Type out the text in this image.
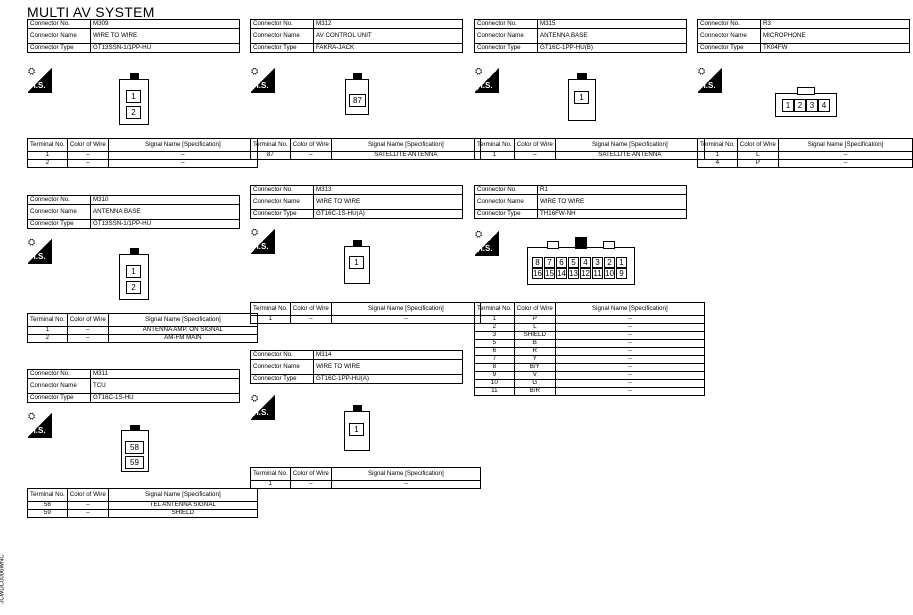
MULTI AV SYSTEM
JCWDC0006WNC
Connector No.	M309
Connector Name	WIRE TO WIRE
Connector Type	GT13SSN-1/1PP-HU
⛭
H.S.
1
2
Terminal No.	Color of Wire	Signal Name [Specification]
1	–	–
2	–	–
Connector No.	M310
Connector Name	ANTENNA BASE
Connector Type	GT13SSN-1/1PP-HU
⛭
H.S.
1
2
Terminal No.	Color of Wire	Signal Name [Specification]
1	–	ANTENNA AMP. ON SIGNAL
2	–	AM-FM MAIN
Connector No.	M311
Connector Name	TCU
Connector Type	GT16C-1S-HU
⛭
H.S.
58
59
Terminal No.	Color of Wire	Signal Name [Specification]
58	–	TEL ANTENNA SIGNAL
59	–	SHIELD
Connector No.	M312
Connector Name	AV CONTROL UNIT
Connector Type	FAKRA-JACK
⛭
H.S.
87
Terminal No.	Color of Wire	Signal Name [Specification]
87	–	SATELLITE ANTENNA
Connector No.	M313
Connector Name	WIRE TO WIRE
Connector Type	GT16C-1S-HU(A)
⛭
H.S.
1
Terminal No.	Color of Wire	Signal Name [Specification]
1	–	–
Connector No.	M314
Connector Name	WIRE TO WIRE
Connector Type	GT16C-1PP-HU(A)
⛭
H.S.
1
Terminal No.	Color of Wire	Signal Name [Specification]
1	–	–
Connector No.	M315
Connector Name	ANTENNA BASE
Connector Type	GT16C-1PP-HU(B)
⛭
H.S.
1
Terminal No.	Color of Wire	Signal Name [Specification]
1	–	SATELLITE ANTENNA
Connector No.	R1
Connector Name	WIRE TO WIRE
Connector Type	TH16FW-NH
⛭
H.S.
8 7 6 5 4 3 2 1
16 15 14 13 12 11 10 9
Terminal No.	Color of Wire	Signal Name [Specification]
1	P	–
2	L	–
3	SHIELD	–
5	B	–
6	R	–
7	Y	–
8	B/Y	–
9	V	–
10	G	–
11	B/R	–
Connector No.	R3
Connector Name	MICROPHONE
Connector Type	TK04FW
⛭
H.S.
1 2 3 4
Terminal No.	Color of Wire	Signal Name [Specification]
1	L	–
4	P	–
